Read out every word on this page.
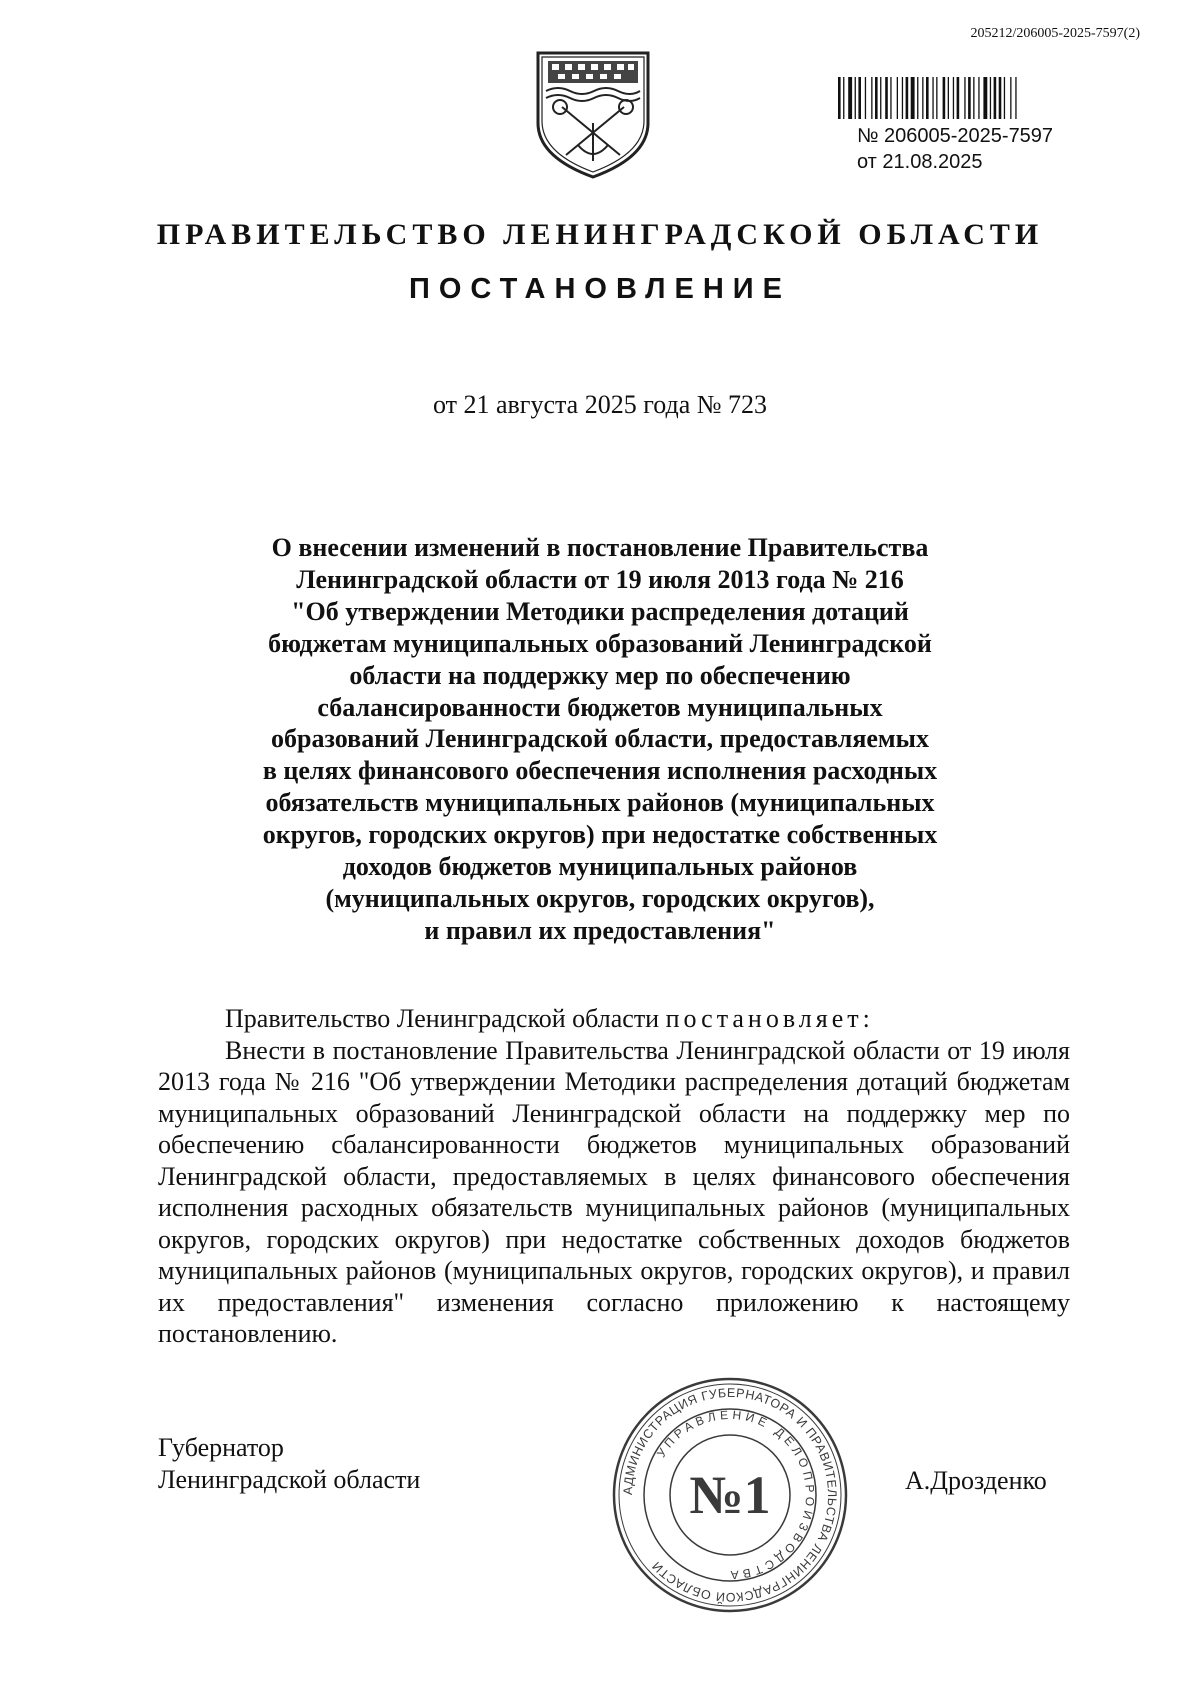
205212/206005-2025-7597(2)
№ 206005-2025-7597
от 21.08.2025
ПРАВИТЕЛЬСТВО ЛЕНИНГРАДСКОЙ ОБЛАСТИ
ПОСТАНОВЛЕНИЕ
от 21 августа 2025 года № 723
О внесении изменений в постановление Правительства
Ленинградской области от 19 июля 2013 года № 216
"Об утверждении Методики распределения дотаций
бюджетам муниципальных образований Ленинградской
области на поддержку мер по обеспечению
сбалансированности бюджетов муниципальных
образований Ленинградской области, предоставляемых
в целях финансового обеспечения исполнения расходных
обязательств муниципальных районов (муниципальных
округов, городских округов) при недостатке собственных
доходов бюджетов муниципальных районов
(муниципальных округов, городских округов),
и правил их предоставления"

Правительство Ленинградской области постановляет:

Внести в постановление Правительства Ленинградской области от 19 июля 2013 года № 216 "Об утверждении Методики распределения дотаций бюджетам муниципальных образований Ленинградской области на поддержку мер по обеспечению сбалансированности бюджетов муниципальных образований Ленинградской области, предоставляемых в целях финансового обеспечения исполнения расходных обязательств муниципальных районов (муниципальных округов, городских округов) при недостатке собственных доходов бюджетов муниципальных районов (муниципальных округов, городских округов), и правил их предоставления" изменения согласно приложению к настоящему постановлению.

Губернатор
Ленинградской области	А.Дрозденко
АДМИНИСТРАЦИЯ ГУБЕРНАТОРА И ПРАВИТЕЛЬСТВА ЛЕНИНГРАДСКОЙ ОБЛАСТИ
УПРАВЛЕНИЕ ДЕЛОПРОИЗВОДСТВА
№1
